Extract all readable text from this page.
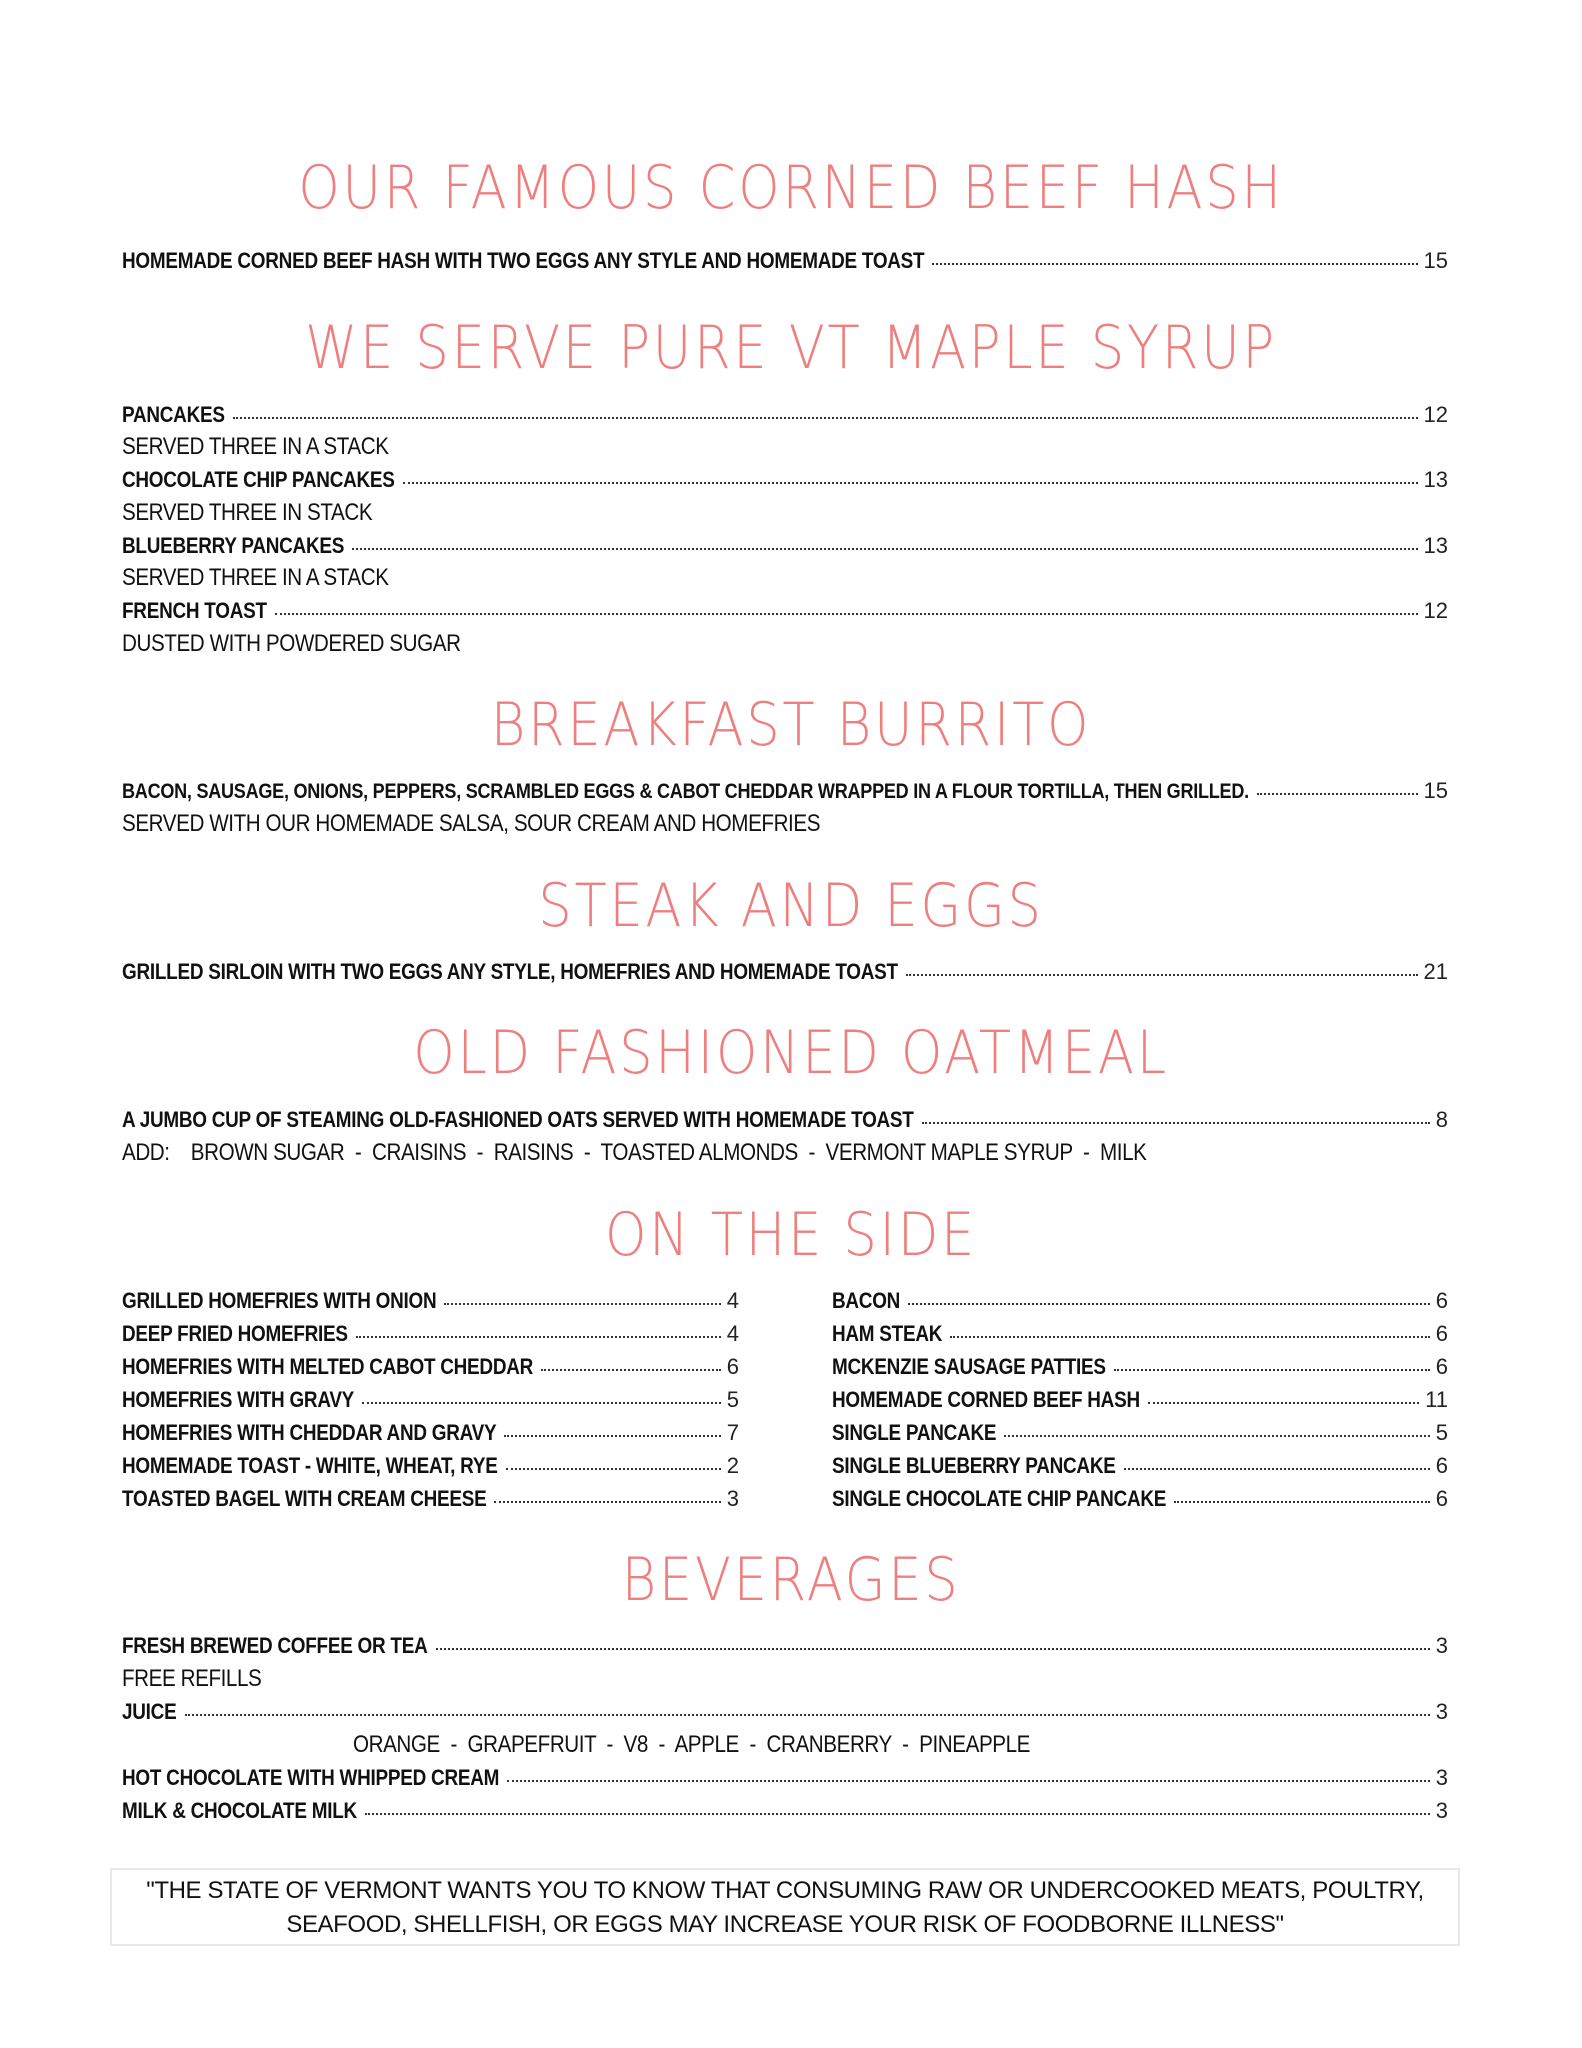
OUR FAMOUS CORNED BEEF HASH
HOMEMADE CORNED BEEF HASH WITH TWO EGGS ANY STYLE AND HOMEMADE TOAST	15
WE SERVE PURE VT MAPLE SYRUP
PANCAKES	12
SERVED THREE IN A STACK
CHOCOLATE CHIP PANCAKES	13
SERVED THREE IN STACK
BLUEBERRY PANCAKES	13
SERVED THREE IN A STACK
FRENCH TOAST	12
DUSTED WITH POWDERED SUGAR
BREAKFAST BURRITO
BACON, SAUSAGE, ONIONS, PEPPERS, SCRAMBLED EGGS & CABOT CHEDDAR WRAPPED IN A FLOUR TORTILLA, THEN GRILLED.	15
SERVED WITH OUR HOMEMADE SALSA, SOUR CREAM AND HOMEFRIES
STEAK AND EGGS
GRILLED SIRLOIN WITH TWO EGGS ANY STYLE, HOMEFRIES AND HOMEMADE TOAST	21
OLD FASHIONED OATMEAL
A JUMBO CUP OF STEAMING OLD-FASHIONED OATS SERVED WITH HOMEMADE TOAST	8
ADD:    BROWN SUGAR  -  CRAISINS  -  RAISINS  -  TOASTED ALMONDS  -  VERMONT MAPLE SYRUP  -  MILK
ON THE SIDE
GRILLED HOMEFRIES WITH ONION	4
DEEP FRIED HOMEFRIES	4
HOMEFRIES WITH MELTED CABOT CHEDDAR	6
HOMEFRIES WITH GRAVY	5
HOMEFRIES WITH CHEDDAR AND GRAVY	7
HOMEMADE TOAST - WHITE, WHEAT, RYE	2
TOASTED BAGEL WITH CREAM CHEESE	3
BACON	6
HAM STEAK	6
MCKENZIE SAUSAGE PATTIES	6
HOMEMADE CORNED BEEF HASH	11
SINGLE PANCAKE	5
SINGLE BLUEBERRY PANCAKE	6
SINGLE CHOCOLATE CHIP PANCAKE	6
BEVERAGES
FRESH BREWED COFFEE OR TEA	3
FREE REFILLS
JUICE	3
ORANGE  -  GRAPEFRUIT  -  V8  -  APPLE  -  CRANBERRY  -  PINEAPPLE
HOT CHOCOLATE WITH WHIPPED CREAM	3
MILK & CHOCOLATE MILK	3
"THE STATE OF VERMONT WANTS YOU TO KNOW THAT CONSUMING RAW OR UNDERCOOKED MEATS, POULTRY,
SEAFOOD, SHELLFISH, OR EGGS MAY INCREASE YOUR RISK OF FOODBORNE ILLNESS"
